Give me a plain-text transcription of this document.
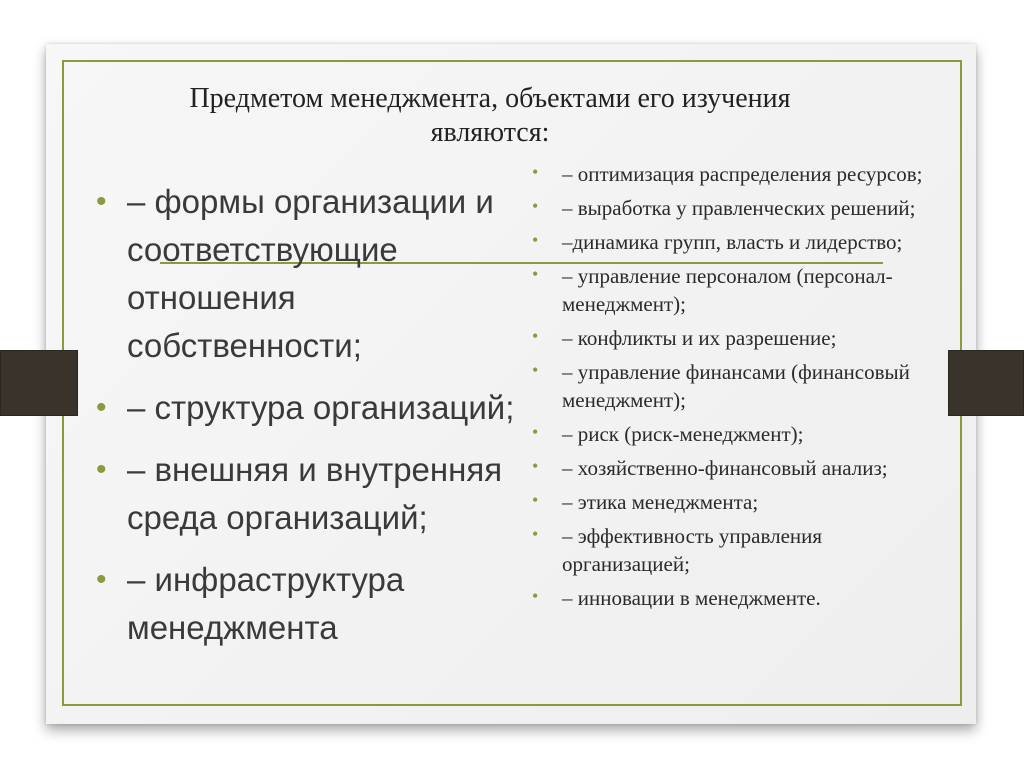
Предметом менеджмента, объектами его изучения являются:
• – формы организации и соответствующие отношения собственности;
• – структура организаций;
• – внешняя и внутренняя среда организаций;
• – инфраструктура менеджмента
• – оптимизация распределения ресурсов;
• – выработка у правленческих решений;
• –динамика групп, власть и лидерство;
• – управление персоналом (персонал-менеджмент);
• – конфликты и их разрешение;
• – управление финансами (финансовый менеджмент);
• – риск (риск-менеджмент);
• – хозяйственно-финансовый анализ;
• – этика менеджмента;
• – эффективность управления организацией;
• – инновации в менеджменте.
